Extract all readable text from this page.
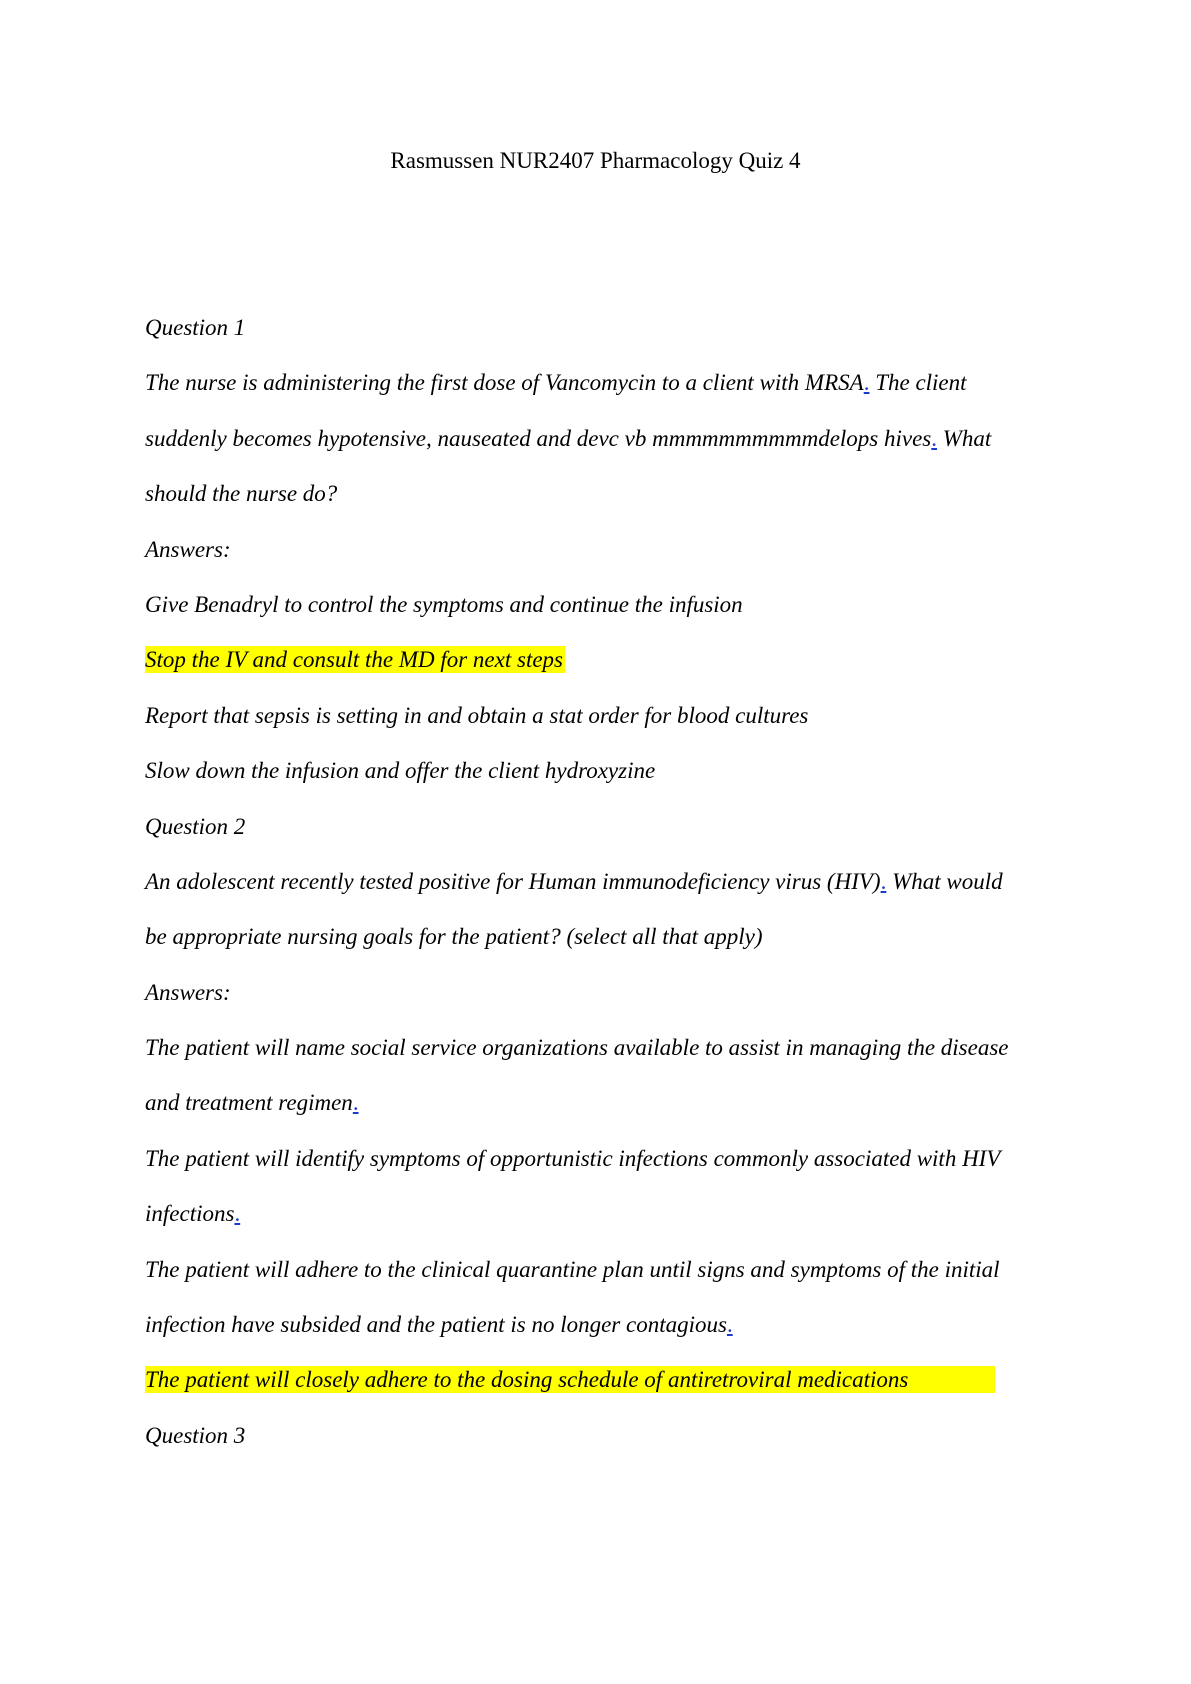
Rasmussen NUR2407 Pharmacology Quiz 4
Question 1
The nurse is administering the first dose of Vancomycin to a client with MRSA. The client
suddenly becomes hypotensive, nauseated and devc vb mmmmmmmmmmdelops hives. What
should the nurse do?
Answers:
Give Benadryl to control the symptoms and continue the infusion
Stop the IV and consult the MD for next steps
Report that sepsis is setting in and obtain a stat order for blood cultures
Slow down the infusion and offer the client hydroxyzine
Question 2
An adolescent recently tested positive for Human immunodeficiency virus (HIV). What would
be appropriate nursing goals for the patient? (select all that apply)
Answers:
The patient will name social service organizations available to assist in managing the disease
and treatment regimen.
The patient will identify symptoms of opportunistic infections commonly associated with HIV
infections.
The patient will adhere to the clinical quarantine plan until signs and symptoms of the initial
infection have subsided and the patient is no longer contagious.
The patient will closely adhere to the dosing schedule of antiretroviral medications
Question 3
